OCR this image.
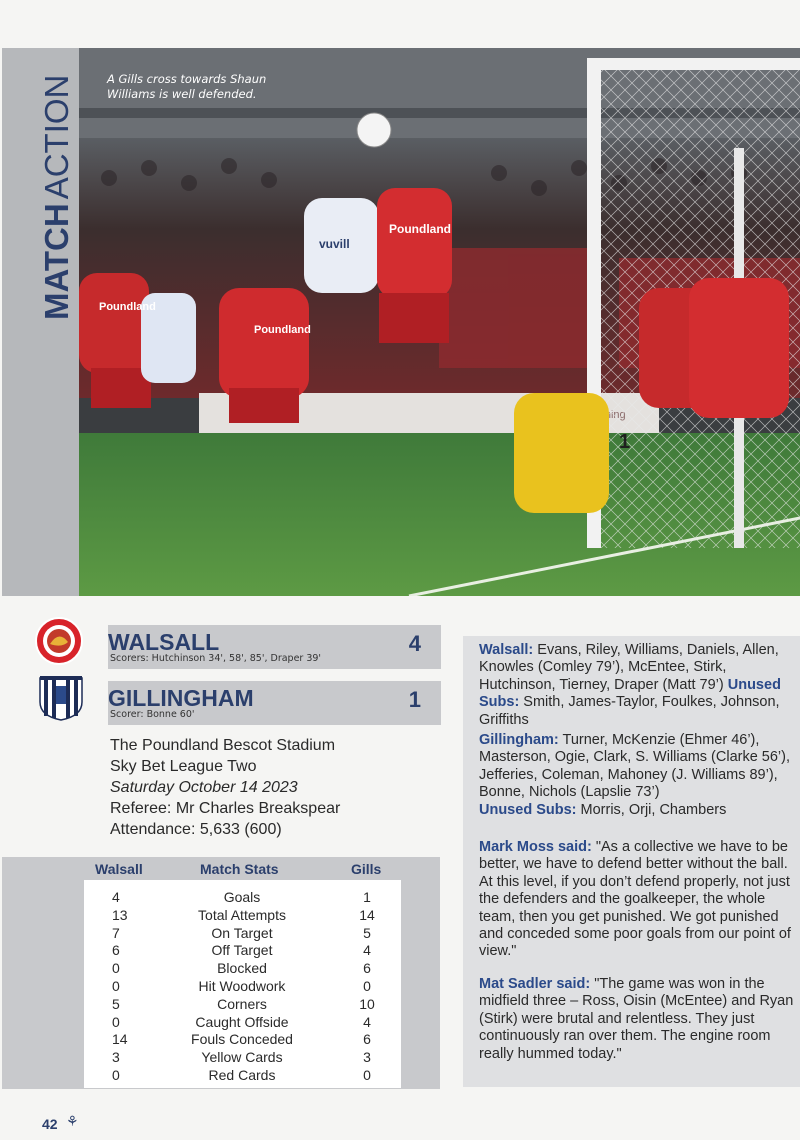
MATCHACTION
Poundland
Poundland
Poundland
vuvill
1
A Gills cross towards Shaun Williams is well defended.
WALSALL
Scorers: Hutchinson 34', 58', 85', Draper 39'
4
GILLINGHAM
Scorer: Bonne 60'
1
The Poundland Bescot Stadium
Sky Bet League Two
Saturday October 14 2023
Referee: Mr Charles Breakspear
Attendance: 5,633 (600)
Walsall	Match Stats	Gills
4	Goals	1
13	Total Attempts	14
7	On Target	5
6	Off Target	4
0	Blocked	6
0	Hit Woodwork	0
5	Corners	10
0	Caught Offside	4
14	Fouls Conceded	6
3	Yellow Cards	3
0	Red Cards	0
Walsall: Evans, Riley, Williams, Daniels, Allen, Knowles (Comley 79’), McEntee, Stirk, Hutchinson, Tierney, Draper (Matt 79’) Unused Subs: Smith, James-Taylor, Foulkes, Johnson, Griffiths
Gillingham: Turner, McKenzie (Ehmer 46’), Masterson, Ogie, Clark, S. Williams (Clarke 56’), Jefferies, Coleman, Mahoney (J. Williams 89’), Bonne, Nichols (Lapslie 73’)
Unused Subs: Morris, Orji, Chambers
Mark Moss said: "As a collective we have to be better, we have to defend better without the ball. At this level, if you don’t defend properly, not just the defenders and the goalkeeper, the whole team, then you get punished. We got punished and conceded some poor goals from our point of view."
Mat Sadler said: "The game was won in the midfield three – Ross, Oisin (McEntee) and Ryan (Stirk) were brutal and relentless. They just continuously ran over them. The engine room really hummed today."
42 ⚘
